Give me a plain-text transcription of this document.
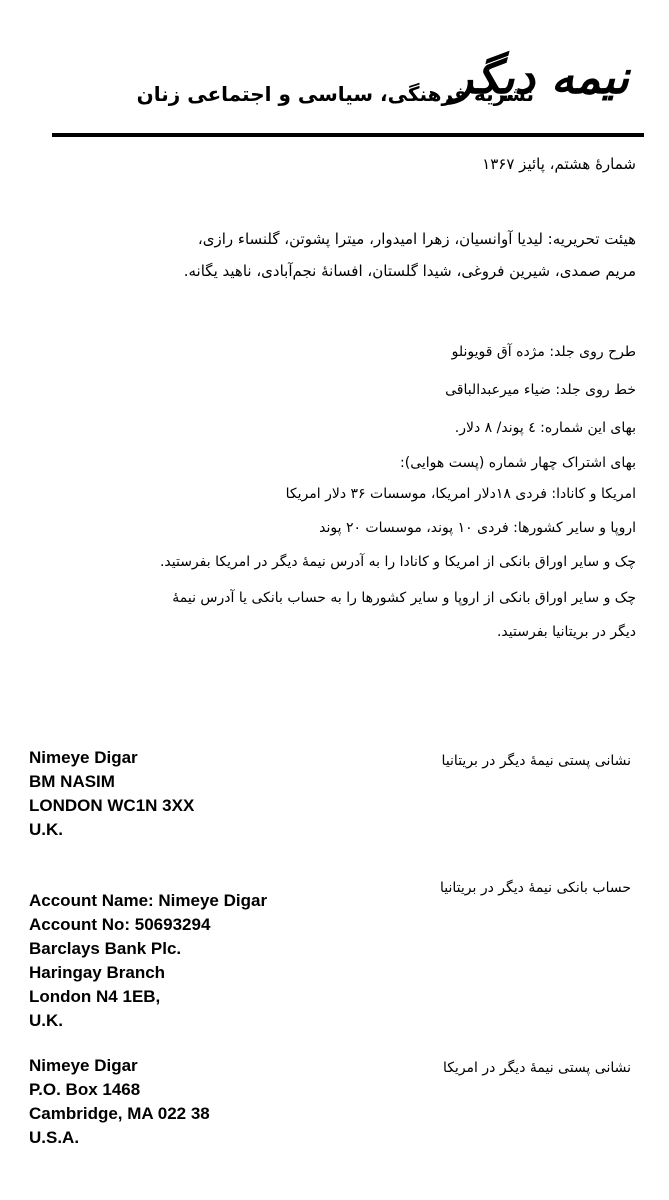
نیمه دیگر
نشریهٔ فرهنگی، سیاسی و اجتماعی زنان
شمارهٔ هشتم، پائیز ۱۳۶۷
هیئت تحریریه: لیدیا آوانسیان، زهرا امیدوار، میترا پشوتن، گلنساء رازی،
مریم صمدی، شیرین فروغی، شیدا گلستان، افسانهٔ نجم‌آبادی، ناهید یگانه.
طرح روی جلد: مژده آق قویونلو
خط روی جلد: ضیاء میرعبدالباقی
بهای این شماره: ٤ پوند/ ٨ دلار.
بهای اشتراک چهار شماره (پست هوایی):
امریکا و کانادا: فردی ۱۸دلار امریکا، موسسات ۳۶ دلار امریکا
اروپا و سایر کشورها: فردی ۱۰ پوند، موسسات ۲۰ پوند
چک و سایر اوراق بانکی از امریکا و کانادا را به آدرس نیمهٔ دیگر در امریکا بفرستید.
چک و سایر اوراق بانکی از اروپا و سایر کشورها را به حساب بانکی یا آدرس نیمهٔ
دیگر در بریتانیا بفرستید.
نشانی پستی نیمهٔ دیگر در بریتانیا
Nimeye Digar
BM NASIM
LONDON WC1N 3XX
U.K.
حساب بانکی نیمهٔ دیگر در بریتانیا
Account Name: Nimeye Digar
Account No: 50693294
Barclays Bank Plc.
Haringay Branch
London N4 1EB,
U.K.
نشانی پستی نیمهٔ دیگر در امریکا
Nimeye Digar
P.O. Box 1468
Cambridge, MA 022 38
U.S.A.
